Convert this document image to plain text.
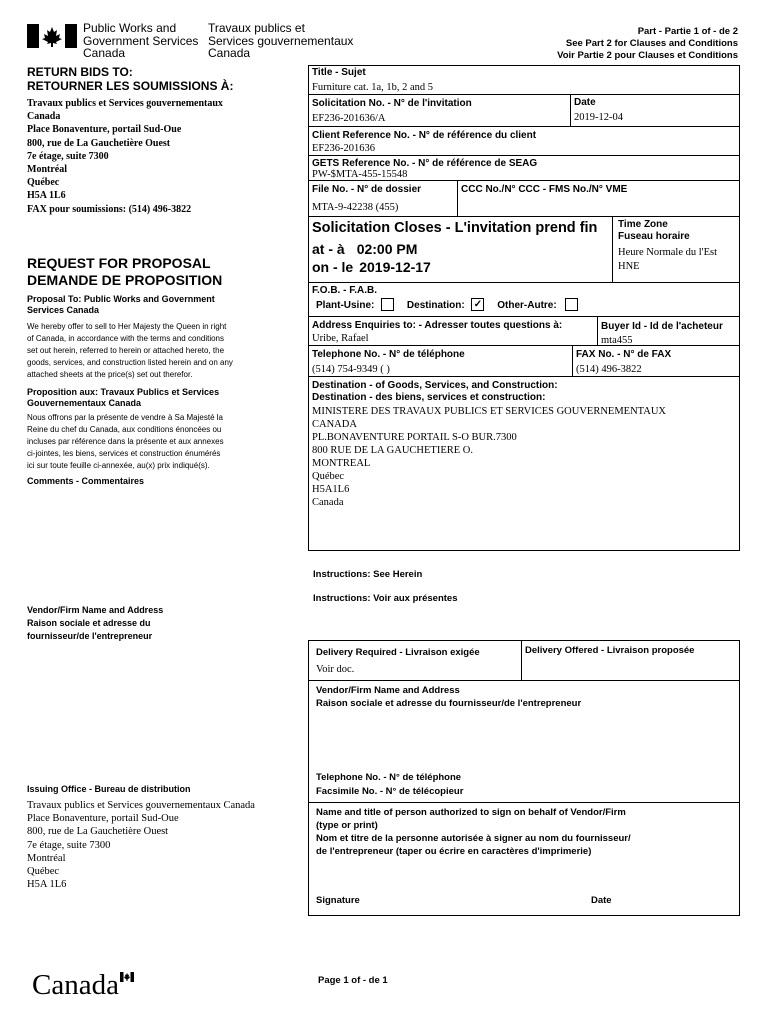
Public Works and
Government Services
Canada
Travaux publics et
Services gouvernementaux
Canada
Part - Partie 1 of - de 2
See Part 2 for Clauses and Conditions
Voir Partie 2 pour Clauses et Conditions
RETURN BIDS TO:
RETOURNER LES SOUMISSIONS À:
Travaux publics et Services gouvernementaux
Canada
Place Bonaventure, portail Sud-Oue
800, rue de La Gauchetière Ouest
7e étage, suite 7300
Montréal
Québec
H5A 1L6
FAX pour soumissions: (514) 496-3822
REQUEST FOR PROPOSAL
DEMANDE DE PROPOSITION
Proposal To: Public Works and Government
Services Canada
We hereby offer to sell to Her Majesty the Queen in right
of Canada, in accordance with the terms and conditions
set out herein, referred to herein or attached hereto, the
goods, services, and construction listed herein and on any
attached sheets at the price(s) set out therefor.
Proposition aux: Travaux Publics et Services
Gouvernementaux Canada
Nous offrons par la présente de vendre à Sa Majesté la
Reine du chef du Canada, aux conditions énoncées ou
incluses par référence dans la présente et aux annexes
ci-jointes, les biens, services et construction énumérés
ici sur toute feuille ci-annexée, au(x) prix indiqué(s).
Comments - Commentaires
Vendor/Firm Name and Address
Raison sociale et adresse du
fournisseur/de l'entrepreneur
Issuing Office - Bureau de distribution
Travaux publics et Services gouvernementaux Canada
Place Bonaventure, portail Sud-Oue
800, rue de La Gauchetière Ouest
7e étage, suite 7300
Montréal
Québec
H5A 1L6
Title - Sujet
Furniture cat. 1a, 1b, 2 and 5
Solicitation No. - N° de l'invitation
EF236-201636/A
Date
2019-12-04
Client Reference No. - N° de référence du client
EF236-201636
GETS Reference No. - N° de référence de SEAG
PW-$MTA-455-15548
File No. - N° de dossier
MTA-9-42238 (455)
CCC No./N° CCC - FMS No./N° VME
Solicitation Closes - L'invitation prend fin
at - à 02:00 PM
on - le 2019-12-17
Time Zone
Fuseau horaire
Heure Normale du l'Est
HNE
F.O.B. - F.A.B.
Plant-Usine:	Destination: ✓ Other-Autre:
Address Enquiries to: - Adresser toutes questions à:
Uribe, Rafael
Buyer Id - Id de l'acheteur
mta455
Telephone No. - N° de téléphone
(514) 754-9349 ( )
FAX No. - N° de FAX
(514) 496-3822
Destination - of Goods, Services, and Construction:
Destination - des biens, services et construction:
MINISTERE DES TRAVAUX PUBLICS ET SERVICES GOUVERNEMENTAUX
CANADA
PL.BONAVENTURE PORTAIL S-O BUR.7300
800 RUE DE LA GAUCHETIERE O.
MONTREAL
Québec
H5A1L6
Canada
Instructions: See Herein
Instructions: Voir aux présentes
Delivery Required - Livraison exigée
Voir doc.
Delivery Offered - Livraison proposée
Vendor/Firm Name and Address
Raison sociale et adresse du fournisseur/de l'entrepreneur
Telephone No. - N° de téléphone
Facsimile No. - N° de télécopieur
Name and title of person authorized to sign on behalf of Vendor/Firm
(type or print)
Nom et titre de la personne autorisée à signer au nom du fournisseur/
de l'entrepreneur (taper ou écrire en caractères d'imprimerie)
Signature	Date
Canada	Page 1 of - de 1
